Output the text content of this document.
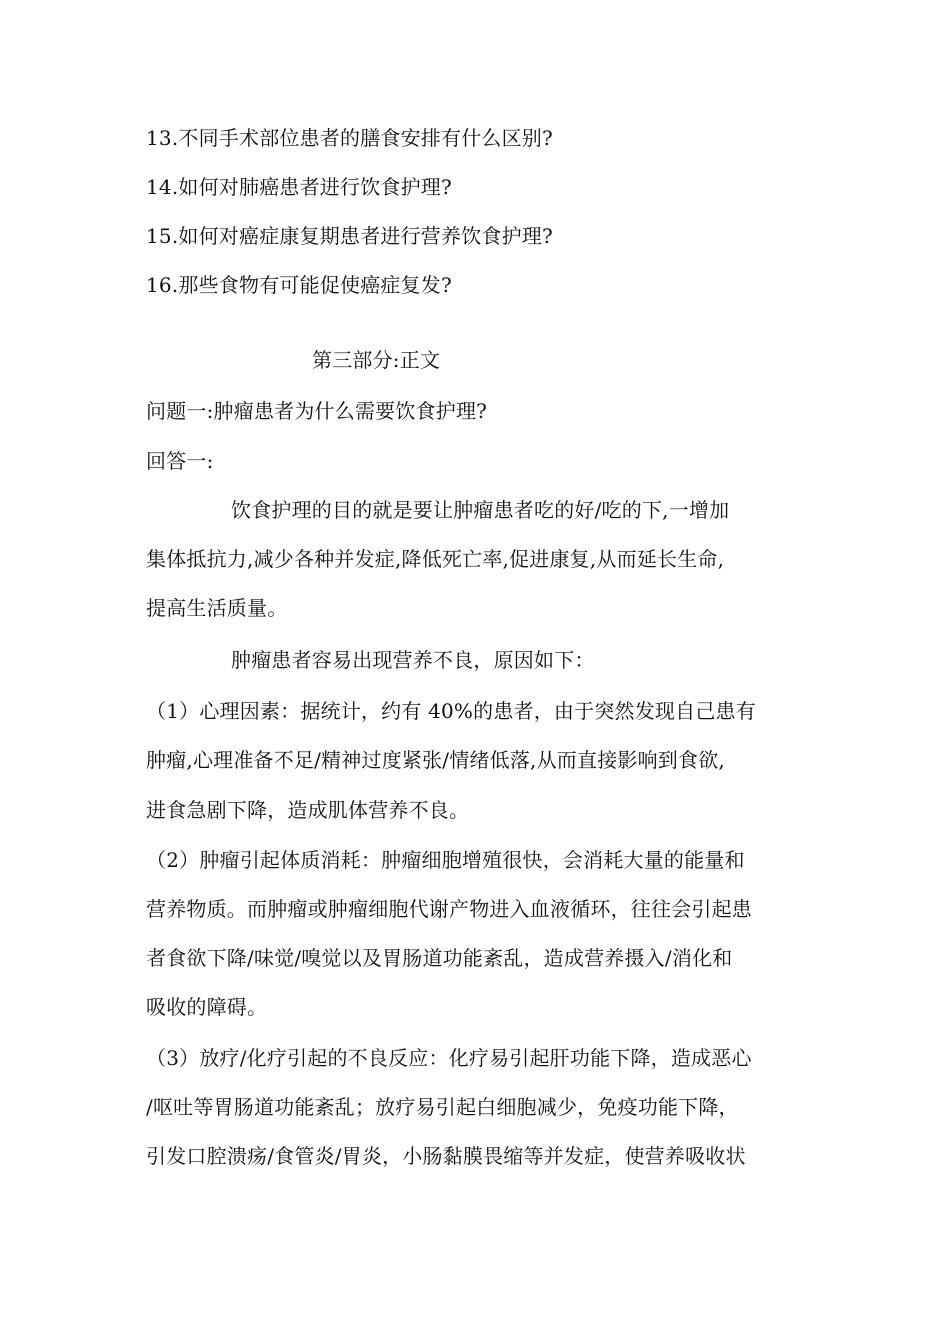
13.不同手术部位患者的膳食安排有什么区别?
14.如何对肺癌患者进行饮食护理?
15.如何对癌症康复期患者进行营养饮食护理?
16.那些食物有可能促使癌症复发?
第三部分:正文
问题一:肿瘤患者为什么需要饮食护理?
回答一:
饮食护理的目的就是要让肿瘤患者吃的好/吃的下,一增加
集体抵抗力,减少各种并发症,降低死亡率,促进康复,从而延长生命,
提高生活质量。
肿瘤患者容易出现营养不良，原因如下：
（1）心理因素：据统计，约有 40%的患者，由于突然发现自己患有
肿瘤,心理准备不足/精神过度紧张/情绪低落,从而直接影响到食欲,
进食急剧下降，造成肌体营养不良。
（2）肿瘤引起体质消耗：肿瘤细胞增殖很快，会消耗大量的能量和
营养物质。而肿瘤或肿瘤细胞代谢产物进入血液循环，往往会引起患
者食欲下降/味觉/嗅觉以及胃肠道功能紊乱，造成营养摄入/消化和
吸收的障碍。
（3）放疗/化疗引起的不良反应：化疗易引起肝功能下降，造成恶心
/呕吐等胃肠道功能紊乱；放疗易引起白细胞减少，免疫功能下降，
引发口腔溃疡/食管炎/胃炎，小肠黏膜畏缩等并发症，使营养吸收状
